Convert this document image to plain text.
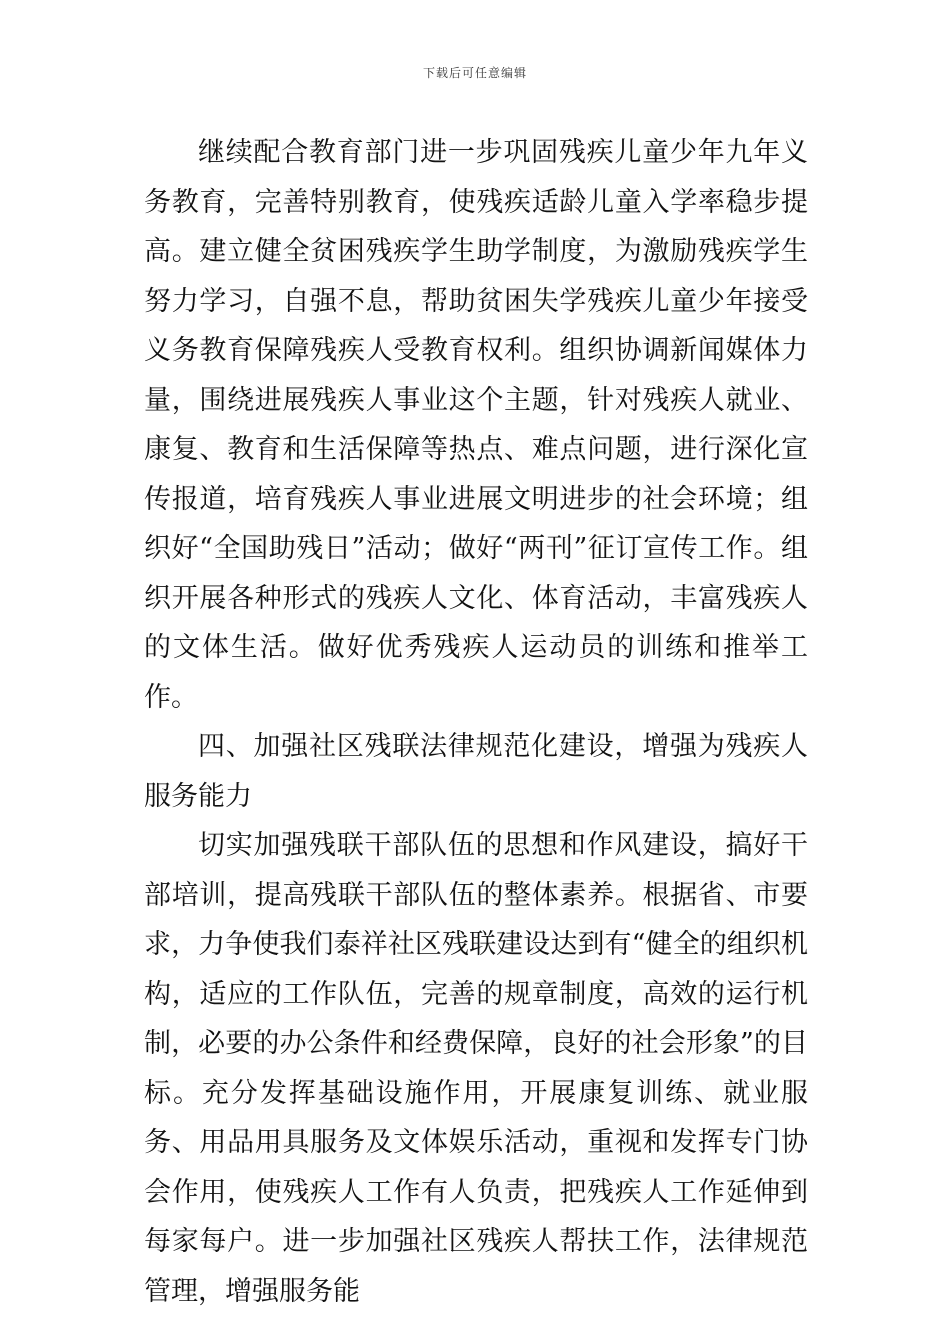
下载后可任意编辑

继续配合教育部门进一步巩固残疾儿童少年九年义务教育，完善特别教育，使残疾适龄儿童入学率稳步提高。建立健全贫困残疾学生助学制度，为激励残疾学生努力学习，自强不息，帮助贫困失学残疾儿童少年接受义务教育保障残疾人受教育权利。组织协调新闻媒体力量，围绕进展残疾人事业这个主题，针对残疾人就业、康复、教育和生活保障等热点、难点问题，进行深化宣传报道，培育残疾人事业进展文明进步的社会环境；组织好“全国助残日”活动；做好“两刊”征订宣传工作。组织开展各种形式的残疾人文化、体育活动，丰富残疾人的文体生活。做好优秀残疾人运动员的训练和推举工作。

四、加强社区残联法律规范化建设，增强为残疾人服务能力

切实加强残联干部队伍的思想和作风建设，搞好干部培训，提高残联干部队伍的整体素养。根据省、市要求，力争使我们泰祥社区残联建设达到有“健全的组织机构，适应的工作队伍，完善的规章制度，高效的运行机制，必要的办公条件和经费保障，良好的社会形象”的目标。充分发挥基础设施作用，开展康复训练、就业服务、用品用具服务及文体娱乐活动，重视和发挥专门协会作用，使残疾人工作有人负责，把残疾人工作延伸到每家每户。进一步加强社区残疾人帮扶工作，法律规范管理，增强服务能
